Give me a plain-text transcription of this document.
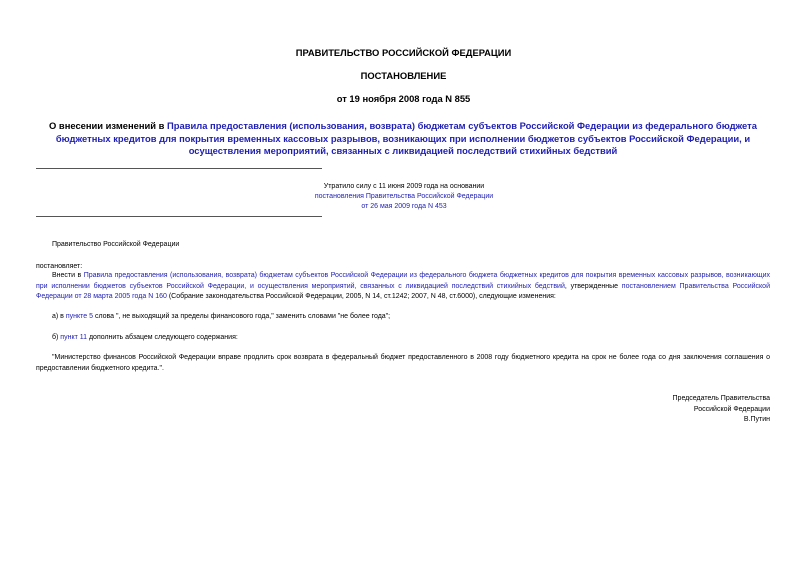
ПРАВИТЕЛЬСТВО РОССИЙСКОЙ ФЕДЕРАЦИИ
ПОСТАНОВЛЕНИЕ
от 19 ноября 2008 года N 855
О внесении изменений в Правила предоставления (использования, возврата) бюджетам субъектов Российской Федерации из федерального бюджета бюджетных кредитов для покрытия временных кассовых разрывов, возникающих при исполнении бюджетов субъектов Российской Федерации, и осуществления мероприятий, связанных с ликвидацией последствий стихийных бедствий
Утратило силу с 11 июня 2009 года на основании
постановления Правительства Российской Федерации
от 26 мая 2009 года N 453
Правительство Российской Федерации
постановляет:
Внести в Правила предоставления (использования, возврата) бюджетам субъектов Российской Федерации из федерального бюджета бюджетных кредитов для покрытия временных кассовых разрывов, возникающих при исполнении бюджетов субъектов Российской Федерации, и осуществления мероприятий, связанных с ликвидацией последствий стихийных бедствий, утвержденные постановлением Правительства Российской Федерации от 28 марта 2005 года N 160 (Собрание законодательства Российской Федерации, 2005, N 14, ст.1242; 2007, N 48, ст.6000), следующие изменения:
а) в пункте 5 слова ", не выходящий за пределы финансового года," заменить словами "не более года";
б) пункт 11 дополнить абзацем следующего содержания:
"Министерство финансов Российской Федерации вправе продлить срок возврата в федеральный бюджет предоставленного в 2008 году бюджетного кредита на срок не более года со дня заключения соглашения о предоставлении бюджетного кредита.".
Председатель Правительства
Российской Федерации
В.Путин
